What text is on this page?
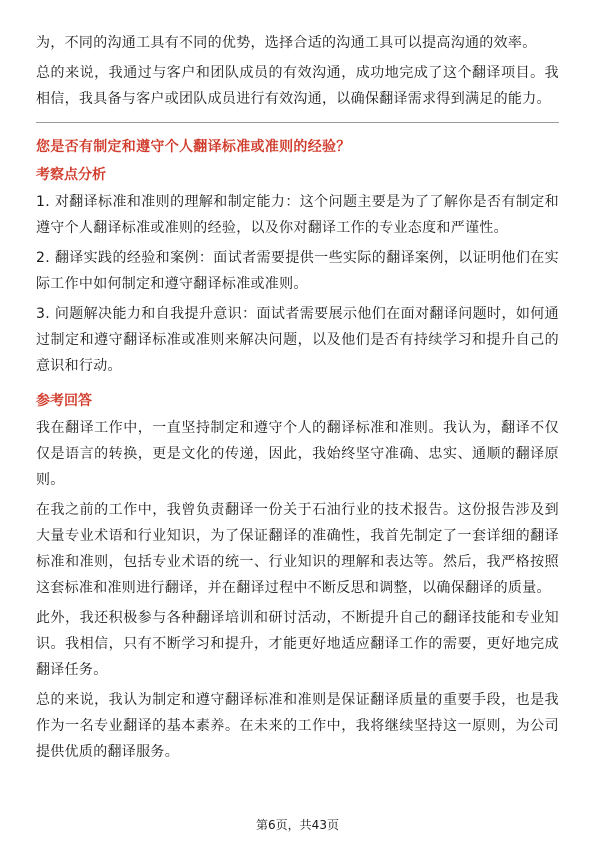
为，不同的沟通工具有不同的优势，选择合适的沟通工具可以提高沟通的效率。

总的来说，我通过与客户和团队成员的有效沟通，成功地完成了这个翻译项目。我相信，我具备与客户或团队成员进行有效沟通，以确保翻译需求得到满足的能力。

您是否有制定和遵守个人翻译标准或准则的经验？
考察点分析

1. 对翻译标准和准则的理解和制定能力：这个问题主要是为了了解你是否有制定和遵守个人翻译标准或准则的经验，以及你对翻译工作的专业态度和严谨性。

2. 翻译实践的经验和案例：面试者需要提供一些实际的翻译案例，以证明他们在实际工作中如何制定和遵守翻译标准或准则。

3. 问题解决能力和自我提升意识：面试者需要展示他们在面对翻译问题时，如何通过制定和遵守翻译标准或准则来解决问题，以及他们是否有持续学习和提升自己的意识和行动。

参考回答

我在翻译工作中，一直坚持制定和遵守个人的翻译标准和准则。我认为，翻译不仅仅是语言的转换，更是文化的传递，因此，我始终坚守准确、忠实、通顺的翻译原则。

在我之前的工作中，我曾负责翻译一份关于石油行业的技术报告。这份报告涉及到大量专业术语和行业知识，为了保证翻译的准确性，我首先制定了一套详细的翻译标准和准则，包括专业术语的统一、行业知识的理解和表达等。然后，我严格按照这套标准和准则进行翻译，并在翻译过程中不断反思和调整，以确保翻译的质量。

此外，我还积极参与各种翻译培训和研讨活动，不断提升自己的翻译技能和专业知识。我相信，只有不断学习和提升，才能更好地适应翻译工作的需要，更好地完成翻译任务。

总的来说，我认为制定和遵守翻译标准和准则是保证翻译质量的重要手段，也是我作为一名专业翻译的基本素养。在未来的工作中，我将继续坚持这一原则，为公司提供优质的翻译服务。

第6页，共43页
